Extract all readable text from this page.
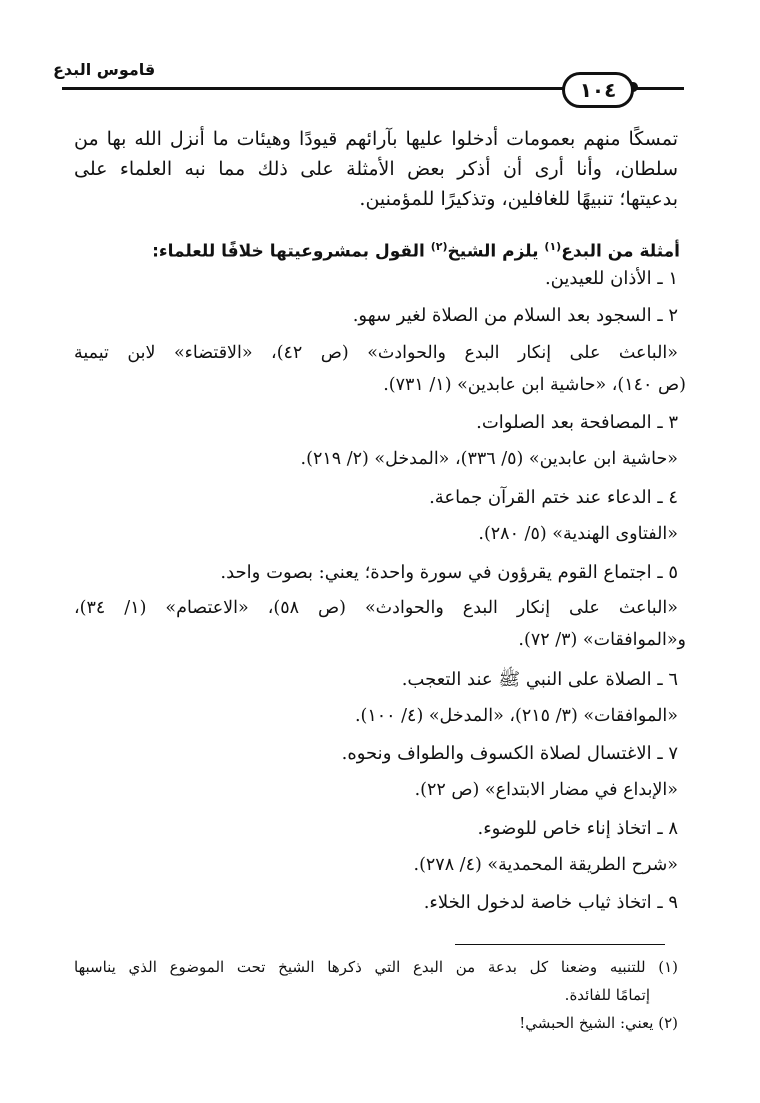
قاموس البدع
١٠٤
تمسكًا منهم بعمومات أدخلوا عليها بآرائهم قيودًا وهيئات ما أنزل الله بها من
سلطان، وأنا أرى أن أذكر بعض الأمثلة على ذلك مما نبه العلماء على
بدعيتها؛ تنبيهًا للغافلين، وتذكيرًا للمؤمنين.
أمثلة من البدع$^{(١)}$ يلزم الشيخ$^{(٢)}$ القول بمشروعيتها خلافًا للعلماء:
١ ـ الأذان للعيدين.
٢ ـ السجود بعد السلام من الصلاة لغير سهو.
«الباعث على إنكار البدع والحوادث» (ص ٤٢)، «الاقتضاء» لابن تيمية
(ص ١٤٠)، «حاشية ابن عابدين» (١/ ٧٣١).
٣ ـ المصافحة بعد الصلوات.
«حاشية ابن عابدين» (٥/ ٣٣٦)، «المدخل» (٢/ ٢١٩).
٤ ـ الدعاء عند ختم القرآن جماعة.
«الفتاوى الهندية» (٥/ ٢٨٠).
٥ ـ اجتماع القوم يقرؤون في سورة واحدة؛ يعني: بصوت واحد.
«الباعث على إنكار البدع والحوادث» (ص ٥٨)، «الاعتصام» (١/ ٣٤)،
و«الموافقات» (٣/ ٧٢).
٦ ـ الصلاة على النبي ﷺ عند التعجب.
«الموافقات» (٣/ ٢١٥)، «المدخل» (٤/ ١٠٠).
٧ ـ الاغتسال لصلاة الكسوف والطواف ونحوه.
«الإبداع في مضار الابتداع» (ص ٢٢).
٨ ـ اتخاذ إناء خاص للوضوء.
«شرح الطريقة المحمدية» (٤/ ٢٧٨).
٩ ـ اتخاذ ثياب خاصة لدخول الخلاء.
(١) للتنبيه وضعنا كل بدعة من البدع التي ذكرها الشيخ تحت الموضوع الذي يناسبها
إتمامًا للفائدة.
(٢) يعني: الشيخ الحبشي!
